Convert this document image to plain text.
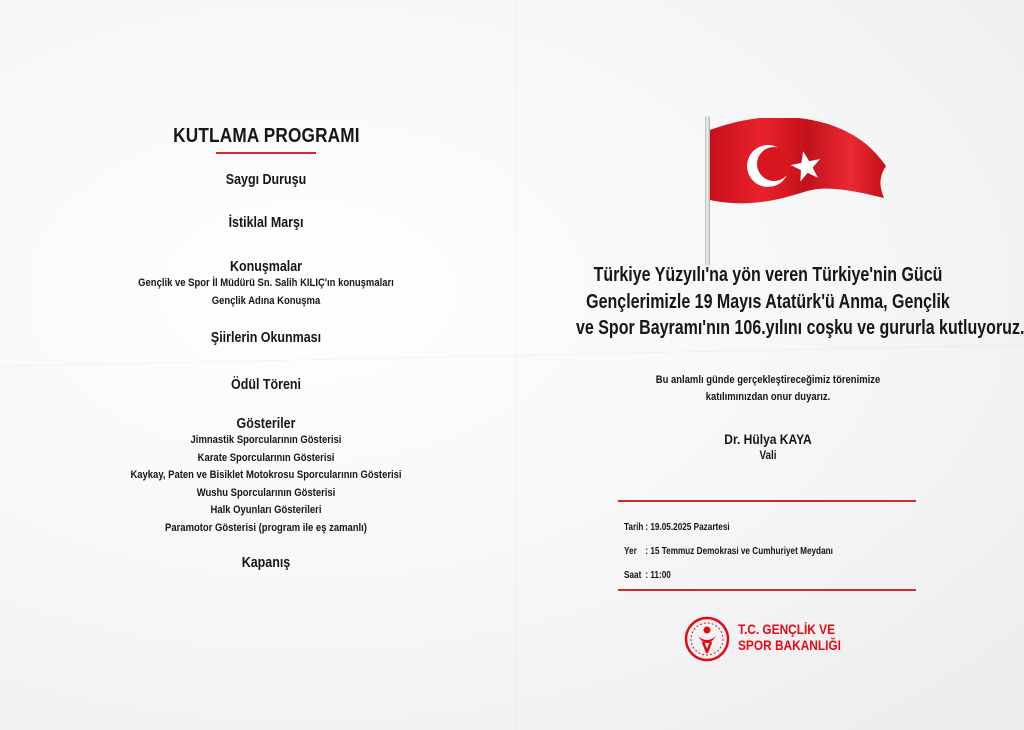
KUTLAMA PROGRAMI

Saygı Duruşu

İstiklal Marşı

Konuşmalar

Gençlik ve Spor İl Müdürü Sn. Salih KILIÇ'ın konuşmaları

Gençlik Adına Konuşma

Şiirlerin Okunması

Ödül Töreni

Gösteriler

Jimnastik Sporcularının Gösterisi

Karate Sporcularının Gösterisi

Kaykay, Paten ve Bisiklet Motokrosu Sporcularının Gösterisi

Wushu Sporcularının Gösterisi

Halk Oyunları Gösterileri

Paramotor Gösterisi (program ile eş zamanlı)

Kapanış

Türkiye Yüzyılı'na yön veren Türkiye'nin Gücü
Gençlerimizle 19 Mayıs Atatürk'ü Anma, Gençlik
ve Spor Bayramı'nın 106.yılını coşku ve gururla kutluyoruz.
Bu anlamlı günde gerçekleştireceğimiz törenimize
katılımınızdan onur duyarız.
Dr. Hülya KAYA
Vali
Tarih : 19.05.2025 Pazartesi
Yer : 15 Temmuz Demokrasi ve Cumhuriyet Meydanı
Saat : 11:00
T.C. GENÇLİK VE
SPOR BAKANLIĞI
